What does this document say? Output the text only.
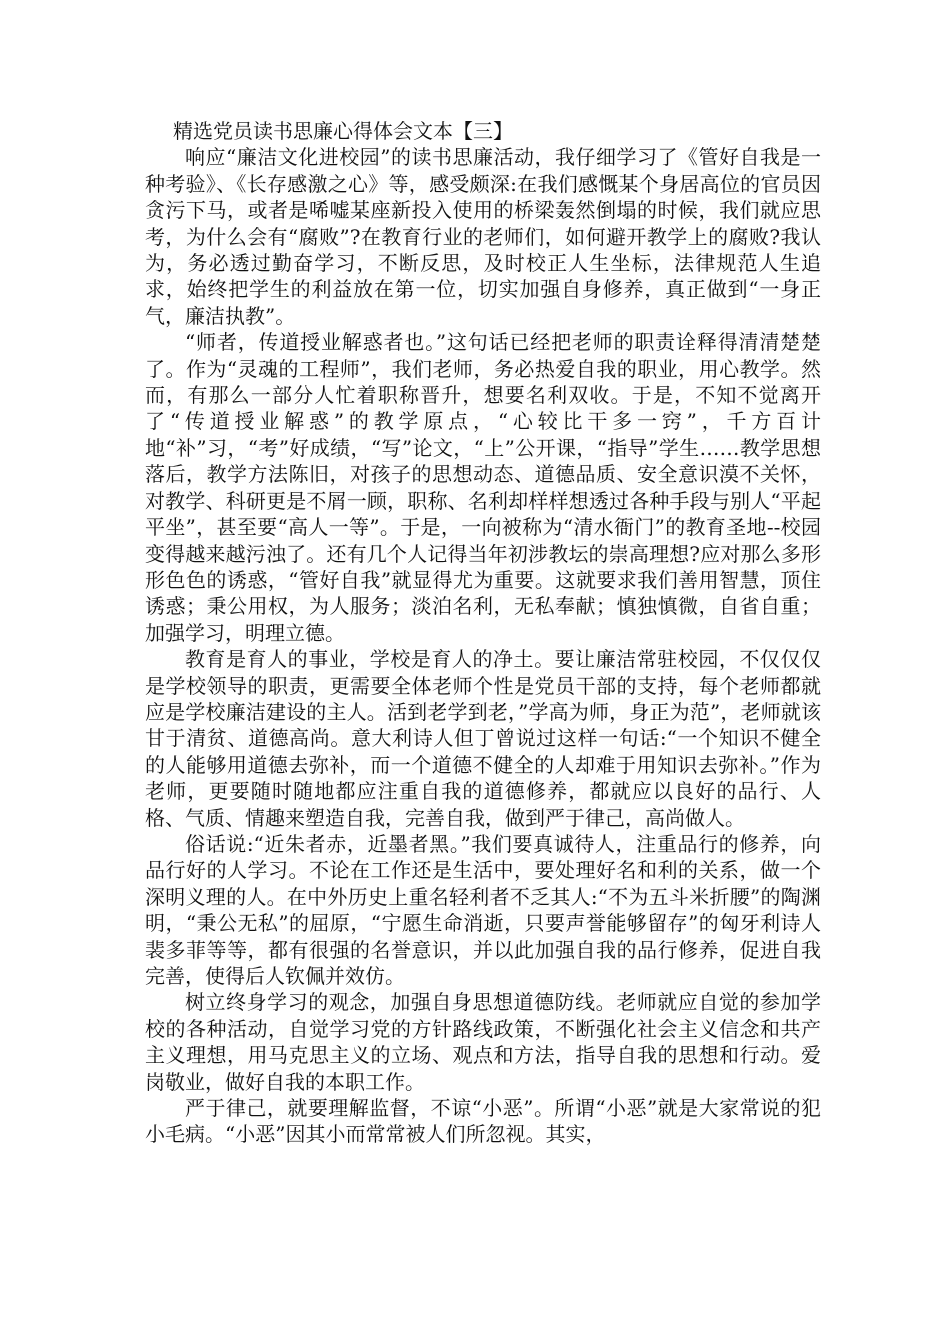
精选党员读书思廉心得体会文本【三】

响应“廉洁文化进校园”的读书思廉活动，我仔细学习了《管好自我是一种考验》、《长存感激之心》等，感受颇深:在我们感慨某个身居高位的官员因贪污下马，或者是唏嘘某座新投入使用的桥梁轰然倒塌的时候，我们就应思考，为什么会有“腐败”?在教育行业的老师们，如何避开教学上的腐败?我认为，务必透过勤奋学习，不断反思，及时校正人生坐标，法律规范人生追求，始终把学生的利益放在第一位，切实加强自身修养，真正做到“一身正气，廉洁执教”。

“师者，传道授业解惑者也。”这句话已经把老师的职责诠释得清清楚楚了。作为“灵魂的工程师”，我们老师，务必热爱自我的职业，用心教学。然而，有那么一部分人忙着职称晋升，想要名利双收。于是，不知不觉离开了“传道授业解惑”的教学原点，“心较比干多一窍”，千方百计地“补”习，“考”好成绩，“写”论文，“上”公开课，“指导”学生……教学思想落后，教学方法陈旧，对孩子的思想动态、道德品质、安全意识漠不关怀，对教学、科研更是不屑一顾，职称、名利却样样想透过各种手段与别人“平起平坐”，甚至要“高人一等”。于是，一向被称为“清水衙门”的教育圣地--校园变得越来越污浊了。还有几个人记得当年初涉教坛的崇高理想?应对那么多形形色色的诱惑，“管好自我”就显得尤为重要。这就要求我们善用智慧，顶住诱惑；秉公用权，为人服务；淡泊名利，无私奉献；慎独慎微，自省自重；加强学习，明理立德。

教育是育人的事业，学校是育人的净土。要让廉洁常驻校园，不仅仅仅是学校领导的职责，更需要全体老师个性是党员干部的支持，每个老师都就应是学校廉洁建设的主人。活到老学到老，”学高为师，身正为范”，老师就该甘于清贫、道德高尚。意大利诗人但丁曾说过这样一句话:“一个知识不健全的人能够用道德去弥补，而一个道德不健全的人却难于用知识去弥补。”作为老师，更要随时随地都应注重自我的道德修养，都就应以良好的品行、人格、气质、情趣来塑造自我，完善自我，做到严于律己，高尚做人。

俗话说:“近朱者赤，近墨者黑。”我们要真诚待人，注重品行的修养，向品行好的人学习。不论在工作还是生活中，要处理好名和利的关系，做一个深明义理的人。在中外历史上重名轻利者不乏其人:“不为五斗米折腰”的陶渊明，“秉公无私”的屈原，“宁愿生命消逝，只要声誉能够留存”的匈牙利诗人裴多菲等等，都有很强的名誉意识，并以此加强自我的品行修养，促进自我完善，使得后人钦佩并效仿。

树立终身学习的观念，加强自身思想道德防线。老师就应自觉的参加学校的各种活动，自觉学习党的方针路线政策，不断强化社会主义信念和共产主义理想，用马克思主义的立场、观点和方法，指导自我的思想和行动。爱岗敬业，做好自我的本职工作。

严于律己，就要理解监督，不谅“小恶”。所谓“小恶”就是大家常说的犯小毛病。“小恶”因其小而常常被人们所忽视。其实，
